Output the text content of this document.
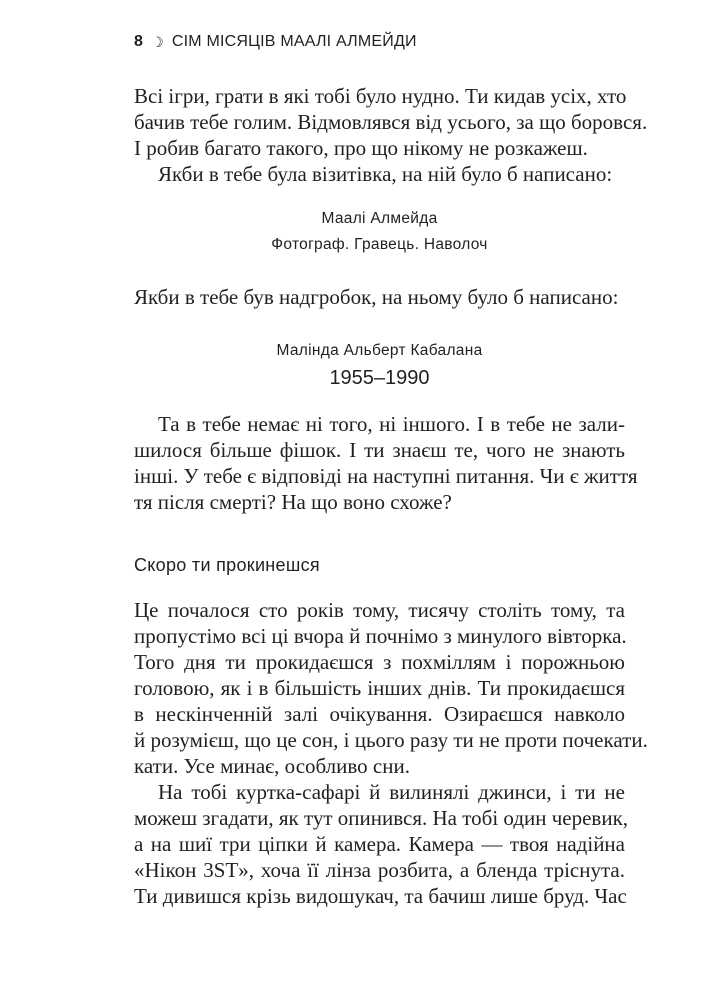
8 ☽ СІМ МІСЯЦІВ МААЛІ АЛМЕЙДИ
Всі ігри, грати в які тобі було нудно. Ти кидав усіх, хто
бачив тебе голим. Відмовлявся від усього, за що боровся.
І робив багато такого, про що нікому не розкажеш.
Якби в тебе була візитівка, на ній було б написано:
Маалі Алмейда
Фотограф. Гравець. Наволоч
Якби в тебе був надгробок, на ньому було б написано:
Малінда Альберт Кабалана
1955–1990
Та в тебе немає ні того, ні іншого. І в тебе не зали-
шилося більше фішок. І ти знаєш те, чого не знають
інші. У тебе є відповіді на наступні питання. Чи є життя
тя після смерті? На що воно схоже?
Скоро ти прокинешся
Це почалося сто років тому, тисячу століть тому, та
пропустімо всі ці вчора й почнімо з минулого вівторка.
Того дня ти прокидаєшся з похміллям і порожньою
головою, як і в більшість інших днів. Ти прокидаєшся
в нескінченній залі очікування. Озираєшся навколо
й розумієш, що це сон, і цього разу ти не проти почекати.
кати. Усе минає, особливо сни.
На тобі куртка-сафарі й вилинялі джинси, і ти не
можеш згадати, як тут опинився. На тобі один черевик,
а на шиї три ціпки й камера. Камера — твоя надійна
«Нікон 3ST», хоча її лінза розбита, а бленда тріснута.
Ти дивишся крізь видошукач, та бачиш лише бруд. Час
